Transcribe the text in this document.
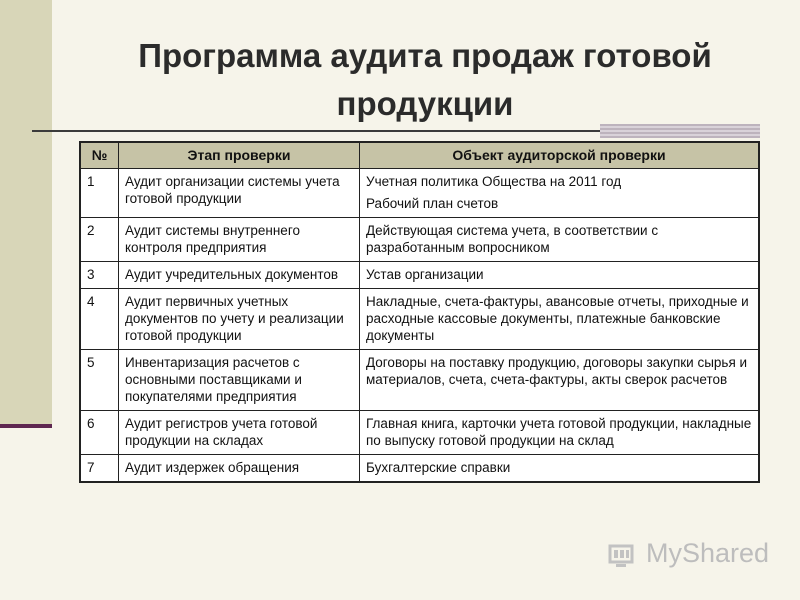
Программа аудита продаж готовой продукции
№	Этап проверки	Объект аудиторской проверки
1	Аудит организации системы учета готовой продукции	Учетная политика Общества на 2011 год
Рабочий план счетов

2	Аудит системы внутреннего контроля предприятия	Действующая система учета, в соответствии с разработанным вопросником

3	Аудит учредительных документов	Устав организации

4	Аудит первичных учетных документов по учету и реализации готовой продукции	Накладные, счета-фактуры, авансовые отчеты, приходные и расходные кассовые документы, платежные банковские документы

5	Инвентаризация расчетов с основными поставщиками и покупателями предприятия	Договоры на поставку продукцию, договоры закупки сырья и материалов, счета, счета-фактуры, акты сверок расчетов

6	Аудит регистров учета готовой продукции на складах	Главная книга, карточки учета готовой продукции, накладные по выпуску готовой продукции на склад

7	Аудит издержек обращения	Бухгалтерские справки
MyShared
